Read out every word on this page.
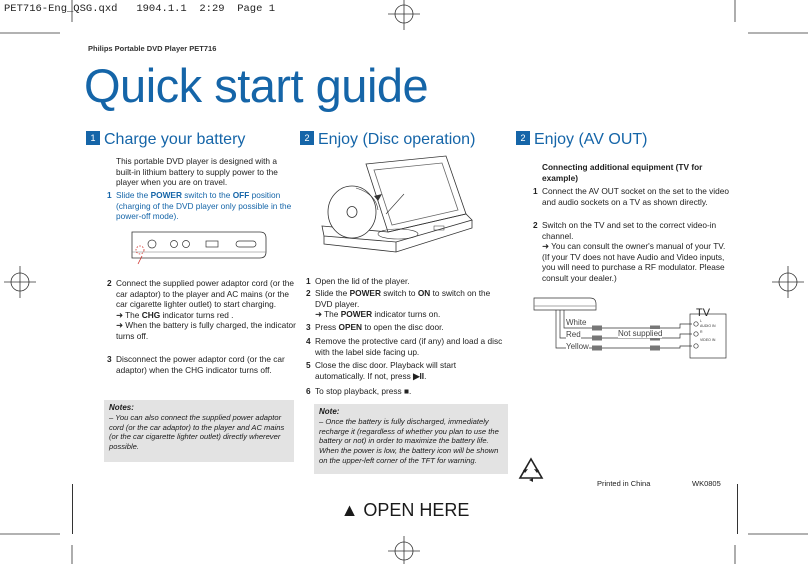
PET716-Eng_QSG.qxd 1904.1.1 2:29 Page 1
Philips Portable DVD Player PET716
Quick start guide
1 Charge your battery
This portable DVD player is designed with a built-in lithium battery to supply power to the player when you are on travel.
1 Slide the POWER switch to the OFF position (charging of the DVD player only possible in the power-off mode).
2 Connect the supplied power adaptor cord (or the car adaptor) to the player and AC mains (or the car cigarette lighter outlet) to start charging.
➜ The CHG indicator turns red .
➜ When the battery is fully charged, the indicator turns off.
3 Disconnect the power adaptor cord (or the car adaptor) when the CHG indicator turns off.
Notes:
– You can also connect the supplied power adaptor cord (or the car adaptor) to the player and AC mains (or the car cigarette lighter outlet) directly wherever possible.
2 Enjoy (Disc operation)
1 Open the lid of the player.
2 Slide the POWER switch to ON to switch on the DVD player.
➜ The POWER indicator turns on.
3 Press OPEN to open the disc door.
4 Remove the protective card (if any) and load a disc with the label side facing up.
5 Close the disc door. Playback will start automatically. If not, press ▶II.
6 To stop playback, press ■.
Note:
– Once the battery is fully discharged, immediately recharge it (regardless of whether you plan to use the battery or not) in order to maximize the battery life. When the power is low, the battery icon will be shown on the upper-left corner of the TFT for warning.
2 Enjoy (AV OUT)
Connecting additional equipment (TV for example)
1 Connect the AV OUT socket on the set to the video and audio sockets on a TV as shown directly.
2 Switch on the TV and set to the correct video-in channel.
➜ You can consult the owner's manual of your TV. (If your TV does not have Audio and Video inputs, you will need to purchase a RF modulator. Please consult your dealer.)
TV
White
Red
Yellow
Not supplied
L
AUDIO IN
R
VIDEO IN
Printed in China	WK0805
▲ OPEN HERE
